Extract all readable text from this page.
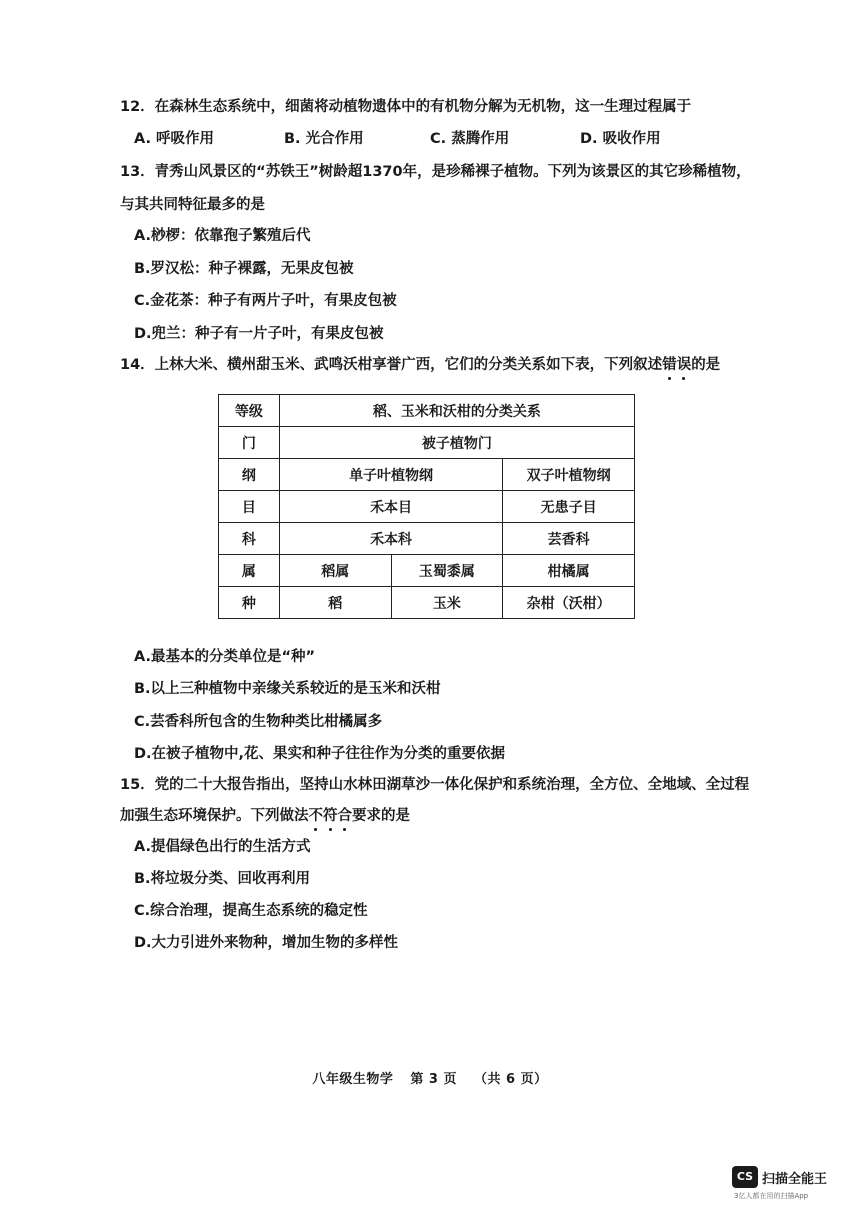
12．在森林生态系统中，细菌将动植物遗体中的有机物分解为无机物，这一生理过程属于
A. 呼吸作用	B. 光合作用	C. 蒸腾作用	D. 吸收作用
13．青秀山风景区的“苏铁王”树龄超1370年，是珍稀裸子植物。下列为该景区的其它珍稀植物，
与其共同特征最多的是
A.桫椤：依靠孢子繁殖后代
B.罗汉松：种子裸露，无果皮包被
C.金花茶：种子有两片子叶，有果皮包被
D.兜兰：种子有一片子叶，有果皮包被
14．上林大米、横州甜玉米、武鸣沃柑享誉广西，它们的分类关系如下表，下列叙述错误的是
等级	稻、玉米和沃柑的分类关系		
门	被子植物门		
纲	单子叶植物纲		双子叶植物纲
目	禾本目		无患子目
科	禾本科		芸香科
属	稻属	玉蜀黍属	柑橘属
种	稻	玉米	杂柑（沃柑）
A.最基本的分类单位是“种”
B.以上三种植物中亲缘关系较近的是玉米和沃柑
C.芸香科所包含的生物种类比柑橘属多
D.在被子植物中,花、果实和种子往往作为分类的重要依据
15．党的二十大报告指出，坚持山水林田湖草沙一体化保护和系统治理，全方位、全地域、全过程
加强生态环境保护。下列做法不符合要求的是
A.提倡绿色出行的生活方式
B.将垃圾分类、回收再利用
C.综合治理，提高生态系统的稳定性
D.大力引进外来物种，增加生物的多样性
八年级生物学 第 3 页 （共 6 页）
CS 扫描全能王
3亿人都在用的扫描App
